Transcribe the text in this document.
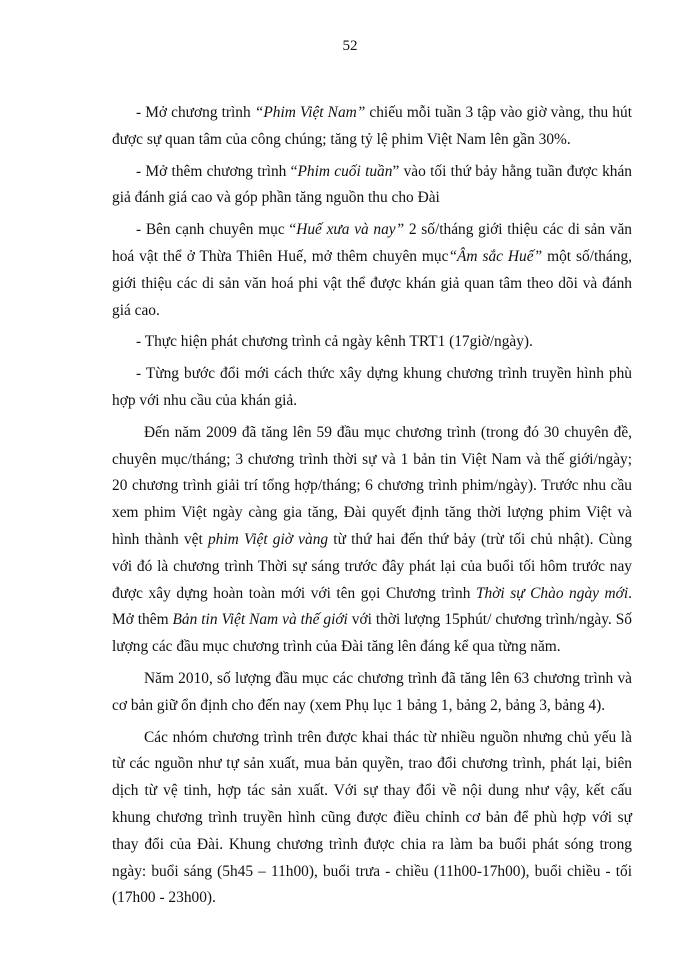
52

- Mở chương trình “Phim Việt Nam” chiếu mỗi tuần 3 tập vào giờ vàng, thu hút được sự quan tâm của công chúng; tăng tỷ lệ phim Việt Nam lên gần 30%.

- Mở thêm chương trình “Phim cuối tuần” vào tối thứ bảy hằng tuần được khán giả đánh giá cao và góp phần tăng nguồn thu cho Đài

- Bên cạnh chuyên mục “Huế xưa và nay” 2 số/tháng giới thiệu các di sản văn hoá vật thể ở Thừa Thiên Huế, mở thêm chuyên mục“Âm sắc Huế” một số/tháng, giới thiệu các di sản văn hoá phi vật thể được khán giả quan tâm theo dõi và đánh giá cao.

- Thực hiện phát chương trình cả ngày kênh TRT1 (17giờ/ngày).

- Từng bước đổi mới cách thức xây dựng khung chương trình truyền hình phù hợp với nhu cầu của khán giả.

Đến năm 2009 đã tăng lên 59 đầu mục chương trình (trong đó 30 chuyên đề, chuyên mục/tháng; 3 chương trình thời sự và 1 bản tin Việt Nam và thế giới/ngày; 20 chương trình giải trí tổng hợp/tháng; 6 chương trình phim/ngày). Trước nhu cầu xem phim Việt ngày càng gia tăng, Đài quyết định tăng thời lượng phim Việt và hình thành vệt phim Việt giờ vàng từ thứ hai đến thứ bảy (trừ tối chủ nhật). Cùng với đó là chương trình Thời sự sáng trước đây phát lại của buổi tối hôm trước nay được xây dựng hoàn toàn mới với tên gọi Chương trình Thời sự Chào ngày mới. Mở thêm Bản tin Việt Nam và thế giới với thời lượng 15phút/ chương trình/ngày. Số lượng các đầu mục chương trình của Đài tăng lên đáng kể qua từng năm.

Năm 2010, số lượng đầu mục các chương trình đã tăng lên 63 chương trình và cơ bản giữ ổn định cho đến nay (xem Phụ lục 1 bảng 1, bảng 2, bảng 3, bảng 4).

Các nhóm chương trình trên được khai thác từ nhiều nguồn nhưng chủ yếu là từ các nguồn như tự sản xuất, mua bản quyền, trao đổi chương trình, phát lại, biên dịch từ vệ tinh, hợp tác sản xuất. Với sự thay đổi về nội dung như vậy, kết cấu khung chương trình truyền hình cũng được điều chỉnh cơ bản để phù hợp với sự thay đổi của Đài. Khung chương trình được chia ra làm ba buổi phát sóng trong ngày: buổi sáng (5h45 – 11h00), buổi trưa - chiều (11h00-17h00), buổi chiều - tối (17h00 - 23h00).
